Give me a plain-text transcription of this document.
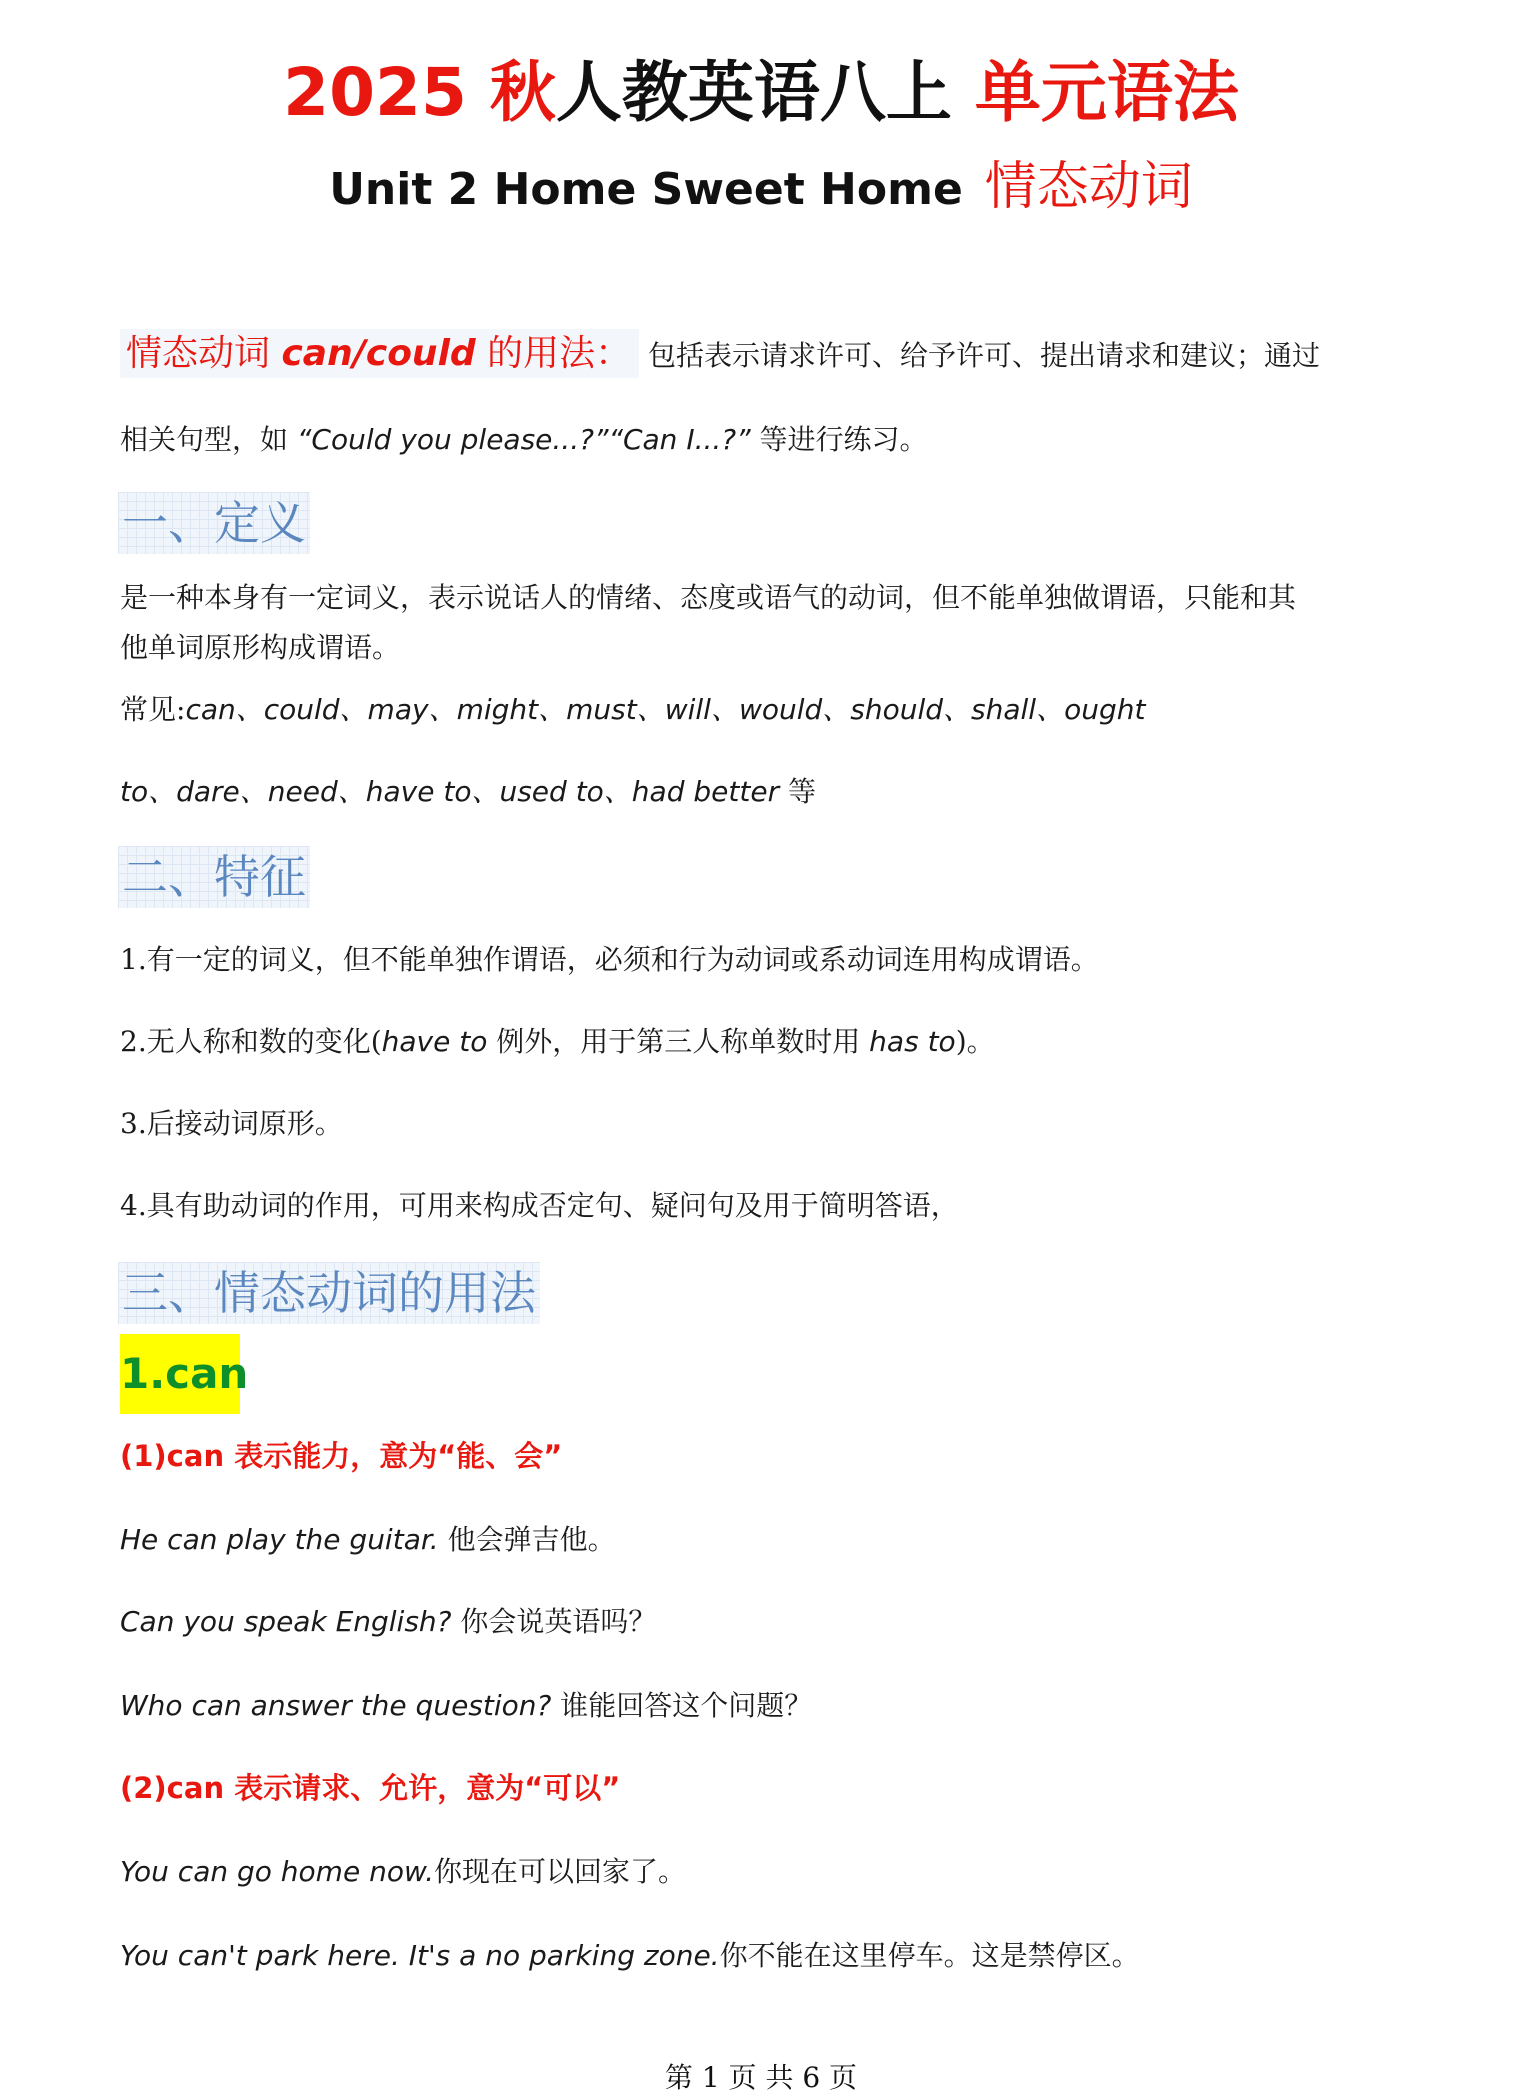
2025 秋人教英语八上 单元语法
Unit 2 Home Sweet Home 情态动词
情态动词 can/could 的用法： 包括表示请求许可、给予许可、提出请求和建议；通过
相关句型，如 “Could you please...?”“Can I...?” 等进行练习。
一、定义
是一种本身有一定词义，表示说话人的情绪、态度或语气的动词，但不能单独做谓语，只能和其
他单词原形构成谓语。
常见:can、could、may、might、must、will、would、should、shall、ought
to、dare、need、have to、used to、had better 等
二、特征
1.有一定的词义，但不能单独作谓语，必须和行为动词或系动词连用构成谓语。
2.无人称和数的变化(have to 例外，用于第三人称单数时用 has to)。
3.后接动词原形。
4.具有助动词的作用，可用来构成否定句、疑问句及用于简明答语，
三、情态动词的用法
1.can
(1)can 表示能力，意为“能、会”
He can play the guitar. 他会弹吉他。
Can you speak English? 你会说英语吗？
Who can answer the question? 谁能回答这个问题？
(2)can 表示请求、允许，意为“可以”
You can go home now.你现在可以回家了。
You can't park here. It's a no parking zone.你不能在这里停车。这是禁停区。
第 1 页 共 6 页
